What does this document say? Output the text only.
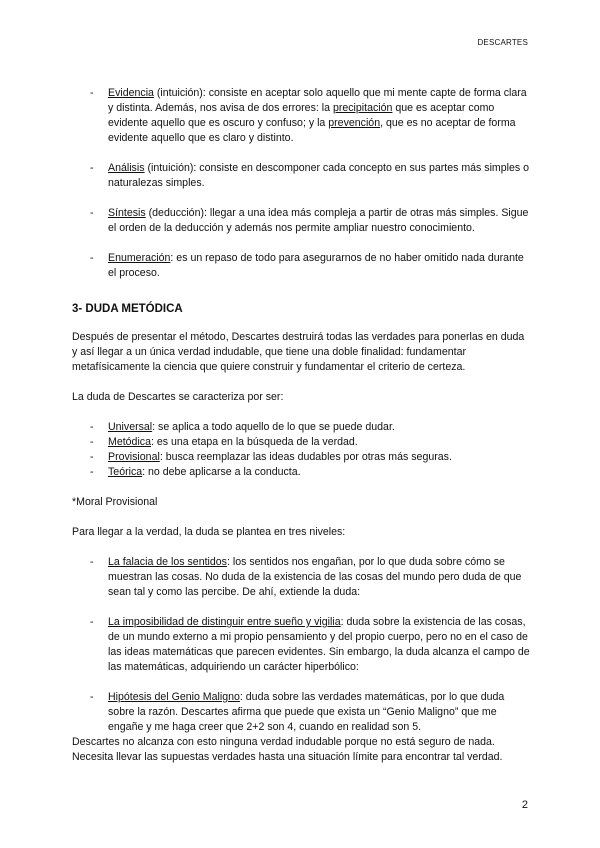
DESCARTES
- Evidencia (intuición): consiste en aceptar solo aquello que mi mente capte de forma clara y distinta. Además, nos avisa de dos errores: la precipitación que es aceptar como evidente aquello que es oscuro y confuso; y la prevención, que es no aceptar de forma evidente aquello que es claro y distinto.
- Análisis (intuición): consiste en descomponer cada concepto en sus partes más simples o naturalezas simples.
- Síntesis (deducción): llegar a una idea más compleja a partir de otras más simples. Sigue el orden de la deducción y además nos permite ampliar nuestro conocimiento.
- Enumeración: es un repaso de todo para asegurarnos de no haber omitido nada durante el proceso.

3- DUDA METÓDICA

Después de presentar el método, Descartes destruirá todas las verdades para ponerlas en duda y así llegar a un única verdad indudable, que tiene una doble finalidad: fundamentar metafísicamente la ciencia que quiere construir y fundamentar el criterio de certeza.

La duda de Descartes se caracteriza por ser:

- Universal: se aplica a todo aquello de lo que se puede dudar.
- Metódica: es una etapa en la búsqueda de la verdad.
- Provisional: busca reemplazar las ideas dudables por otras más seguras.
- Teórica: no debe aplicarse a la conducta.

*Moral Provisional

Para llegar a la verdad, la duda se plantea en tres niveles:

- La falacia de los sentidos: los sentidos nos engañan, por lo que duda sobre cómo se muestran las cosas. No duda de la existencia de las cosas del mundo pero duda de que sean tal y como las percibe. De ahí, extiende la duda:
- La imposibilidad de distinguir entre sueño y vigilia: duda sobre la existencia de las cosas, de un mundo externo a mi propio pensamiento y del propio cuerpo, pero no en el caso de las ideas matemáticas que parecen evidentes. Sin embargo, la duda alcanza el campo de las matemáticas, adquiriendo un carácter hiperbólico:
- Hipótesis del Genio Maligno: duda sobre las verdades matemáticas, por lo que duda sobre la razón. Descartes afirma que puede que exista un “Genio Maligno” que me engañe y me haga creer que 2+2 son 4, cuando en realidad son 5.

Descartes no alcanza con esto ninguna verdad indudable porque no está seguro de nada. Necesita llevar las supuestas verdades hasta una situación límite para encontrar tal verdad.

2
